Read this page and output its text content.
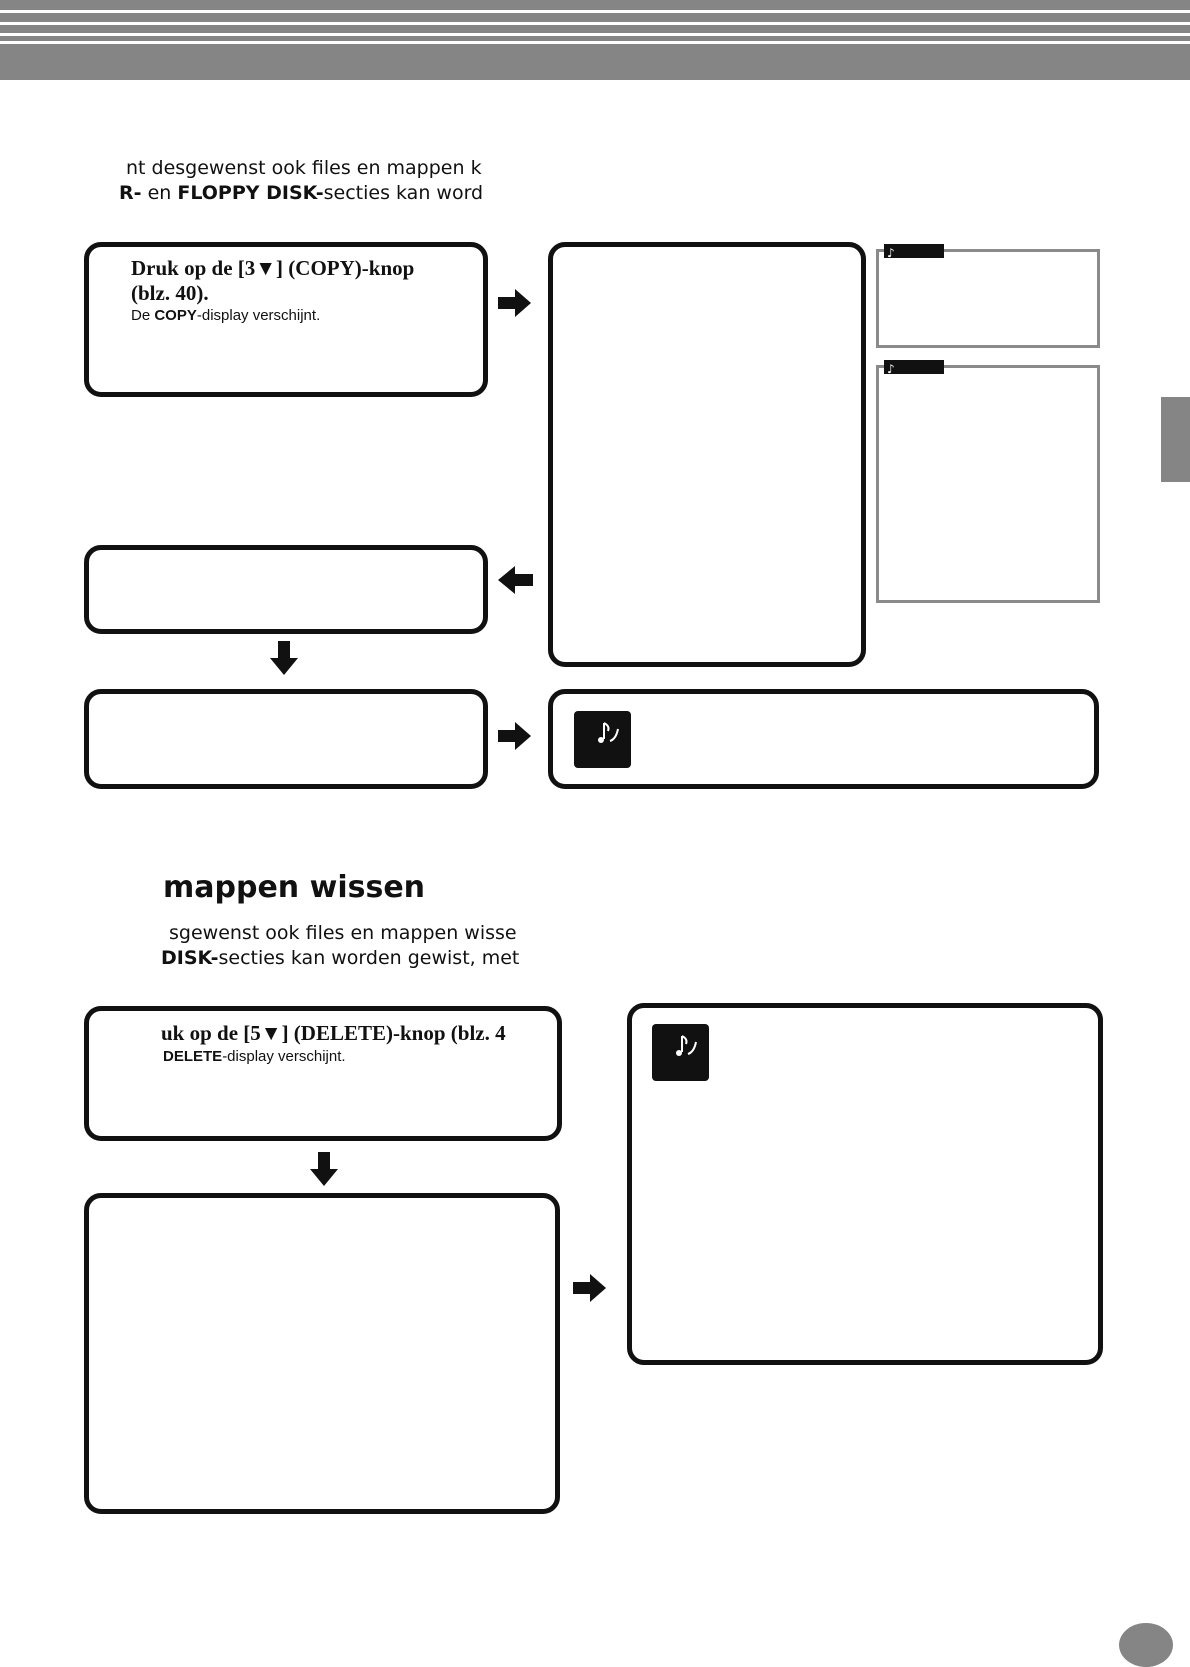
nt desgewenst ook files en mappen k
R- en FLOPPY DISK-secties kan word
Druk op de [3▼] (COPY)-knop
(blz. 40).
De COPY-display verschijnt.
♪
♪
mappen wissen
sgewenst ook files en mappen wisse
DISK-secties kan worden gewist, met
uk op de [5▼] (DELETE)-knop (blz. 4
DELETE-display verschijnt.
